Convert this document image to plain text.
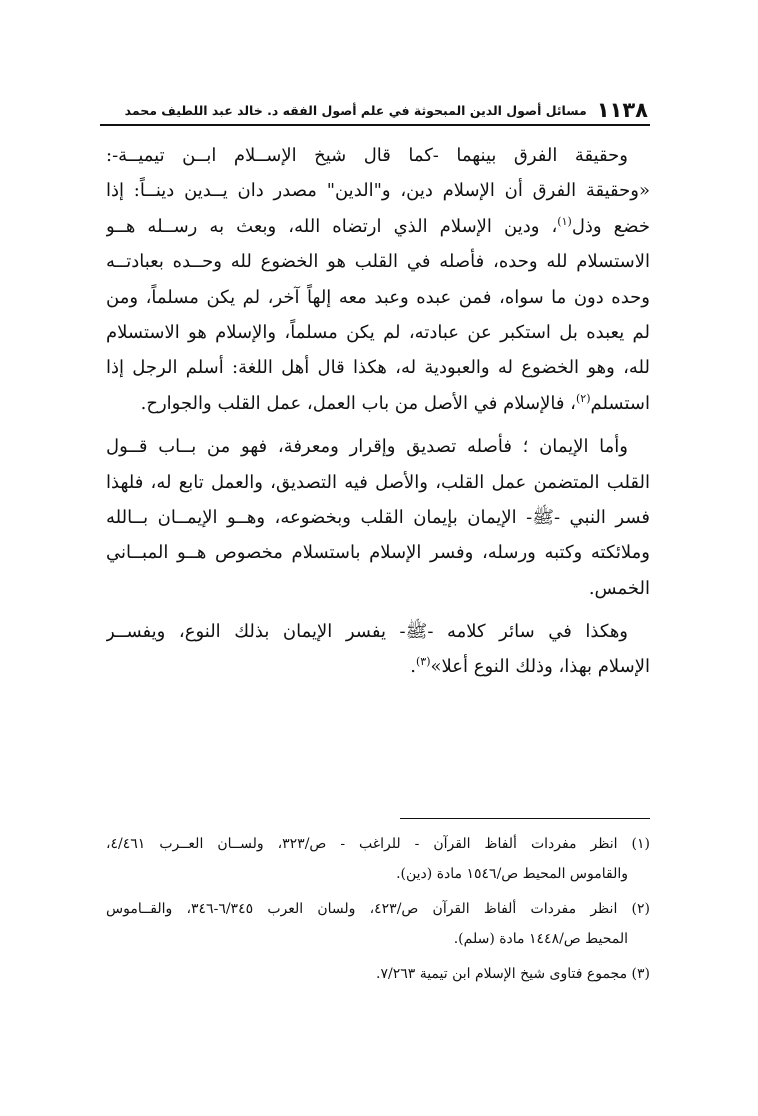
١١٣٨
مسائل أصول الدين المبحوثة في علم أصول الفقه د. خالد عبد اللطيف محمد
وحقيقة الفرق بينهما -كما قال شيخ الإســلام ابــن تيميــة-:
«وحقيقة الفرق أن الإسلام دين، و"الدين" مصدر دان يــدين دينــاً: إذا
خضع وذل$^{(١)}$، ودين الإسلام الذي ارتضاه الله، وبعث به رســله هــو
الاستسلام لله وحده، فأصله في القلب هو الخضوع لله وحــده بعبادتــه
وحده دون ما سواه، فمن عبده وعبد معه إلهاً آخر، لم يكن مسلماً، ومن
لم يعبده بل استكبر عن عبادته، لم يكن مسلماً، والإسلام هو الاستسلام
لله، وهو الخضوع له والعبودية له، هكذا قال أهل اللغة: أسلم الرجل إذا
استسلم$^{(٢)}$، فالإسلام في الأصل من باب العمل، عمل القلب والجوارح.
وأما الإيمان ؛ فأصله تصديق وإقرار ومعرفة، فهو من بــاب قــول
القلب المتضمن عمل القلب، والأصل فيه التصديق، والعمل تابع له، فلهذا
فسر النبي -ﷺ- الإيمان بإيمان القلب وبخضوعه، وهــو الإيمــان بــالله
وملائكته وكتبه ورسله، وفسر الإسلام باستسلام مخصوص هــو المبــاني
الخمس.
وهكذا في سائر كلامه -ﷺ- يفسر الإيمان بذلك النوع، ويفســر
الإسلام بهذا، وذلك النوع أعلا»$^{(٣)}$.
(١) انظر مفردات ألفاظ القرآن - للراغب - ص/٣٢٣، ولســان العــرب ٤/٤٦١،
والقاموس المحيط ص/١٥٤٦ مادة (دين).
(٢) انظر مفردات ألفاظ القرآن ص/٤٢٣، ولسان العرب ٦/٣٤٥-٣٤٦، والقــاموس
المحيط ص/١٤٤٨ مادة (سلم).
(٣) مجموع فتاوى شيخ الإسلام ابن تيمية ٧/٢٦٣.
